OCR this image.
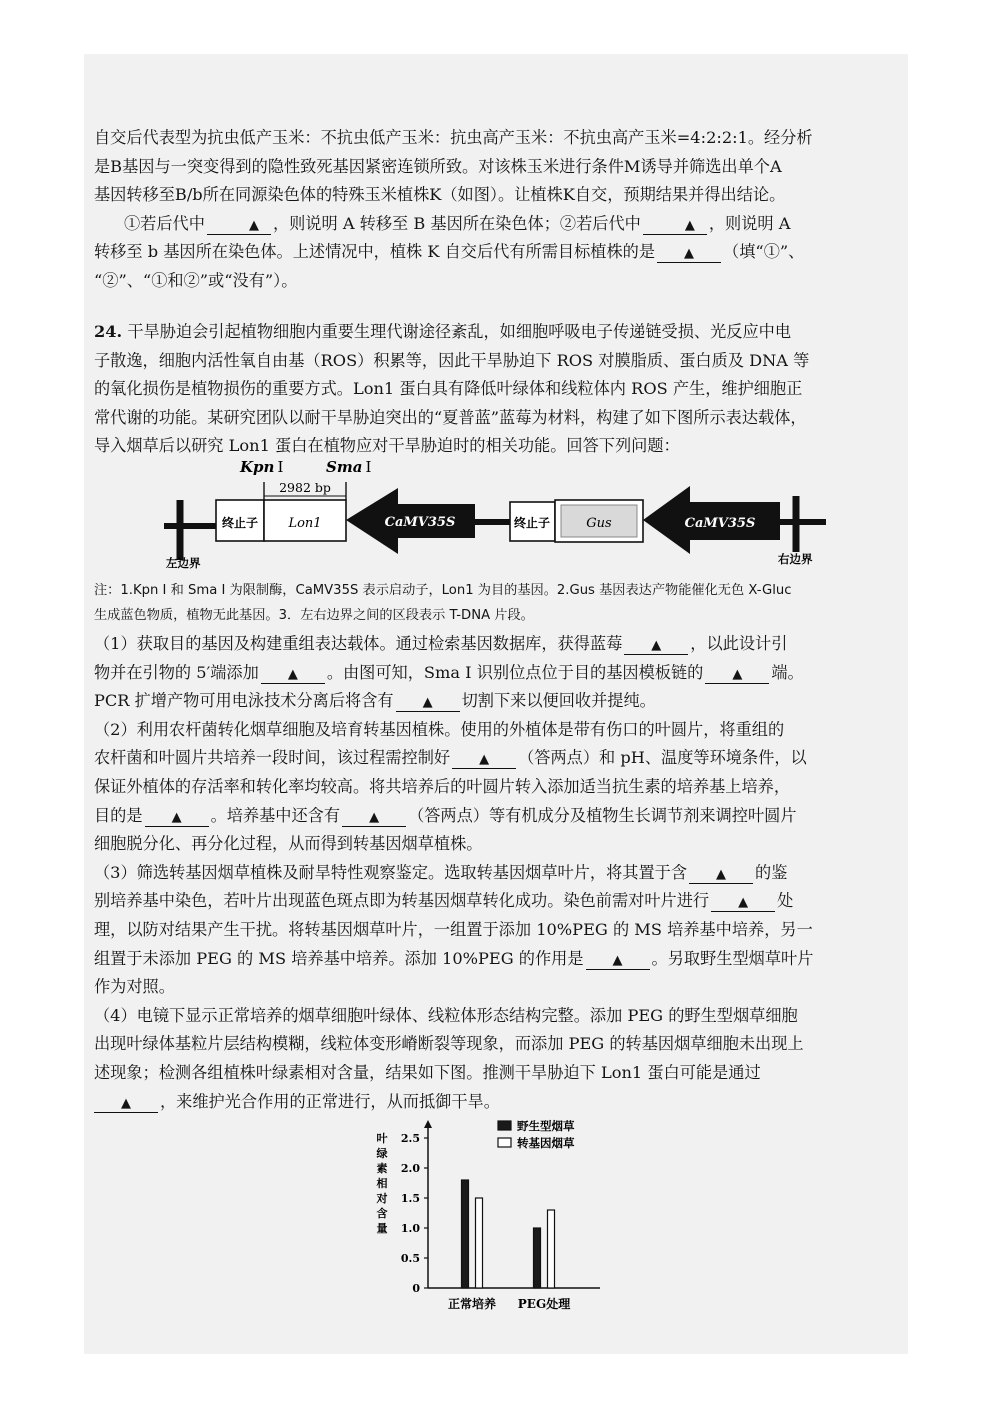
自交后代表型为抗虫低产玉米：不抗虫低产玉米：抗虫高产玉米：不抗虫高产玉米=4:2:2:1。经分析

是B基因与一突变得到的隐性致死基因紧密连锁所致。对该株玉米进行条件M诱导并筛选出单个A

基因转移至B/b所在同源染色体的特殊玉米植株K（如图）。让植株K自交，预期结果并得出结论。

①若后代中	▲ ，则说明 A 转移至 B 基因所在染色体；②若后代中	▲ ，则说明 A

转移至 b 基因所在染色体。上述情况中，植株 K 自交后代有所需目标植株的是 ▲ （填“①”、

“②”、“①和②”或“没有”）。

24. 干旱胁迫会引起植物细胞内重要生理代谢途径紊乱，如细胞呼吸电子传递链受损、光反应中电

子散逸，细胞内活性氧自由基（ROS）积累等，因此干旱胁迫下 ROS 对膜脂质、蛋白质及 DNA 等

的氧化损伤是植物损伤的重要方式。Lon1 蛋白具有降低叶绿体和线粒体内 ROS 产生，维护细胞正

常代谢的功能。某研究团队以耐干旱胁迫突出的“夏普蓝”蓝莓为材料，构建了如下图所示表达载体，

导入烟草后以研究 Lon1 蛋白在植物应对干旱胁迫时的相关功能。回答下列问题：

左边界
终止子 Lon1
Kpn I	Sma I
2982 bp
CaMV35S	终止子	Gus	CaMV35S
右边界
注：1.Kpn I 和 Sma I 为限制酶，CaMV35S 表示启动子，Lon1 为目的基因。2.Gus 基因表达产物能催化无色 X-Gluc
生成蓝色物质，植物无此基因。3．左右边界之间的区段表示 T-DNA 片段。

（1）获取目的基因及构建重组表达载体。通过检索基因数据库，获得蓝莓 ▲ ，以此设计引

物并在引物的 5′端添加 ▲ 。由图可知，Sma I 识别位点位于目的基因模板链的 ▲ 端。

PCR 扩增产物可用电泳技术分离后将含有 ▲ 切割下来以便回收并提纯。

（2）利用农杆菌转化烟草细胞及培育转基因植株。使用的外植体是带有伤口的叶圆片，将重组的

农杆菌和叶圆片共培养一段时间，该过程需控制好 ▲ （答两点）和 pH、温度等环境条件，以

保证外植体的存活率和转化率均较高。将共培养后的叶圆片转入添加适当抗生素的培养基上培养，

目的是 ▲ 。培养基中还含有 ▲ （答两点）等有机成分及植物生长调节剂来调控叶圆片

细胞脱分化、再分化过程，从而得到转基因烟草植株。

（3）筛选转基因烟草植株及耐旱特性观察鉴定。选取转基因烟草叶片，将其置于含 ▲ 的鉴

别培养基中染色，若叶片出现蓝色斑点即为转基因烟草转化成功。染色前需对叶片进行 ▲ 处

理，以防对结果产生干扰。将转基因烟草叶片，一组置于添加 10%PEG 的 MS 培养基中培养，另一

组置于未添加 PEG 的 MS 培养基中培养。添加 10%PEG 的作用是 ▲ 。另取野生型烟草叶片

作为对照。

（4）电镜下显示正常培养的烟草细胞叶绿体、线粒体形态结构完整。添加 PEG 的野生型烟草细胞

出现叶绿体基粒片层结构模糊，线粒体变形嵴断裂等现象，而添加 PEG 的转基因烟草细胞未出现上

述现象；检测各组植株叶绿素相对含量，结果如下图。推测干旱胁迫下 Lon1 蛋白可能是通过

▲ ，来维护光合作用的正常进行，从而抵御干旱。

叶绿素相对含量
0
0.5
1.0
1.5
2.0
2.5
正常培养 PEG处理
野生型烟草
转基因烟草
